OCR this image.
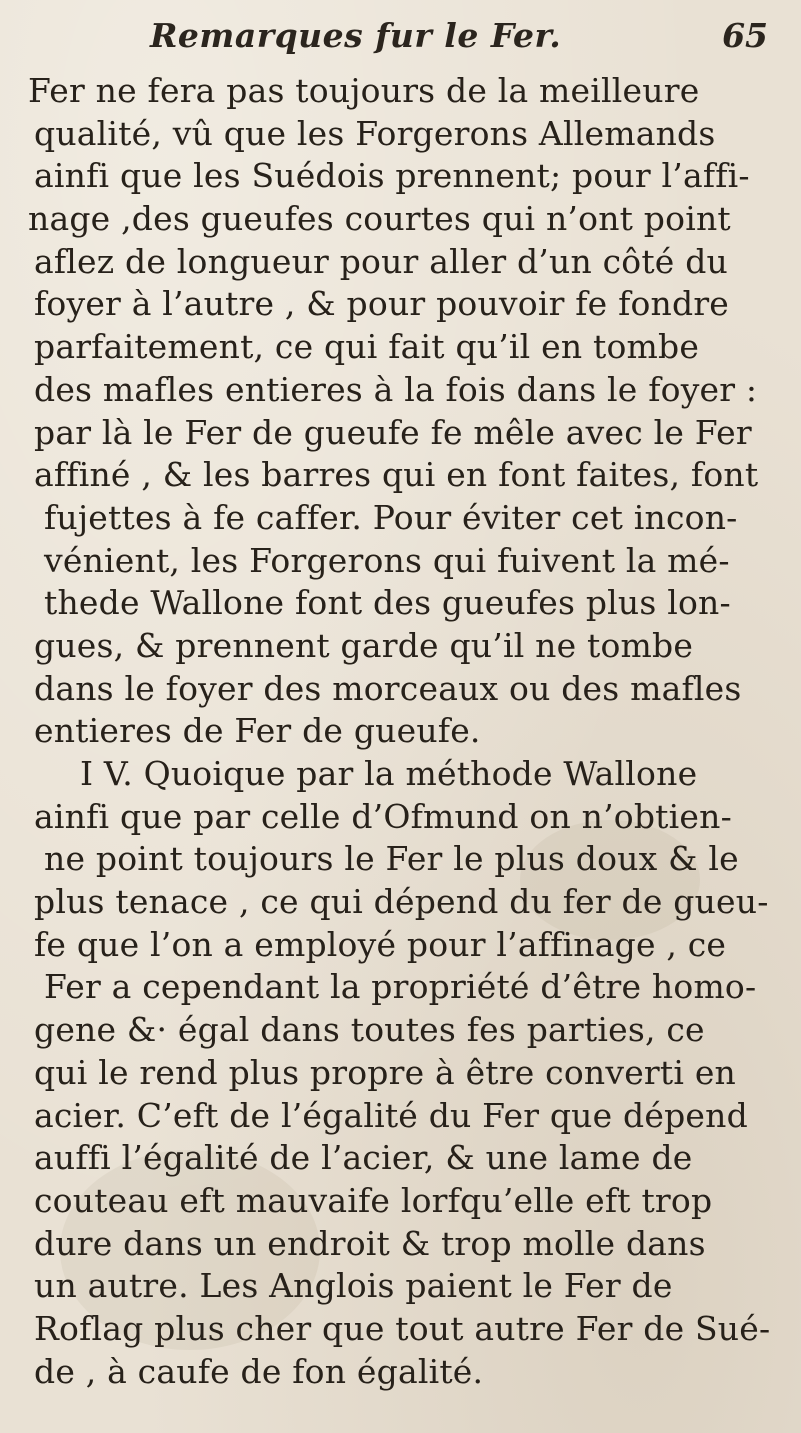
Remarques fur le Fer.	65
Fer ne fera pas toujours de la meilleure
qualité, vû que les Forgerons Allemands
ainfi que les Suédois prennent; pour l’affi-
nage ,des gueufes courtes qui n’ont point
aflez de longueur pour aller d’un côté du
foyer à l’autre , & pour pouvoir fe fondre
parfaitement, ce qui fait qu’il en tombe
des mafles entieres à la fois dans le foyer :
par là le Fer de gueufe fe mêle avec le Fer
affiné , & les barres qui en font faites, font
fujettes à fe caffer. Pour éviter cet incon-
vénient, les Forgerons qui fuivent la mé-
thede Wallone font des gueufes plus lon-
gues, & prennent garde qu’il ne tombe
dans le foyer des morceaux ou des mafles
entieres de Fer de gueufe.
I V. Quoique par la méthode Wallone
ainfi que par celle d’Ofmund on n’obtien-
ne point toujours le Fer le plus doux & le
plus tenace , ce qui dépend du fer de gueu-
fe que l’on a employé pour l’affinage , ce
Fer a cependant la propriété d’être homo-
gene &· égal dans toutes fes parties, ce
qui le rend plus propre à être converti en
acier. C’eft de l’égalité du Fer que dépend
auffi l’égalité de l’acier, & une lame de
couteau eft mauvaife lorfqu’elle eft trop
dure dans un endroit & trop molle dans
un autre. Les Anglois paient le Fer de
Roflag plus cher que tout autre Fer de Sué-
de , à caufe de fon égalité.
